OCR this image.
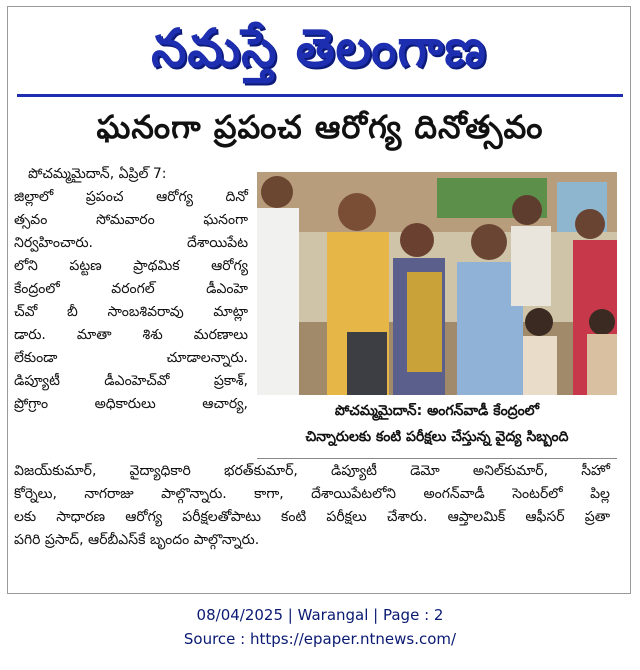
నమస్తే తెలంగాణ
ఘనంగా ప్రపంచ ఆరోగ్య దినోత్సవం

పోచమ్మమైదాన్, ఏప్రిల్ 7:

జిల్లాలో ప్రపంచ ఆరోగ్య దినో

త్సవం సోమవారం ఘనంగా

నిర్వహించారు. దేశాయిపేట

లోని పట్టణ ప్రాథమిక ఆరోగ్య

కేంద్రంలో వరంగల్ డీఎంహె

చ్‌వో బీ సాంబశివరావు మాట్లా

డారు. మాతా శిశు మరణాలు

లేకుండా చూడాలన్నారు.

డిప్యూటీ డీఎంహెచ్‌వో ప్రకాశ్,

ప్రోగ్రాం అధికారులు ఆచార్య,	పోచమ్మమైదాన్: అంగన్‌వాడీ కేంద్రంలో
చిన్నారులకు కంటి పరీక్షలు చేస్తున్న వైద్య సిబ్బంది

విజయ్‌కుమార్, వైద్యాధికారి భరత్‌కుమార్, డిప్యూటీ డెమో అనిల్‌కుమార్, సీహో

కోర్నెలు, నాగరాజు పాల్గొన్నారు. కాగా, దేశాయిపేటలోని అంగన్‌వాడీ సెంటర్‌లో పిల్ల

లకు సాధారణ ఆరోగ్య పరీక్షలతోపాటు కంటి పరీక్షలు చేశారు. ఆప్తాలమిక్ ఆఫీసర్ ప్రతా

పగిరి ప్రసాద్, ఆర్‌బీఎస్‌కే బృందం పాల్గొన్నారు.

08/04/2025 | Warangal | Page : 2
Source : https://epaper.ntnews.com/
